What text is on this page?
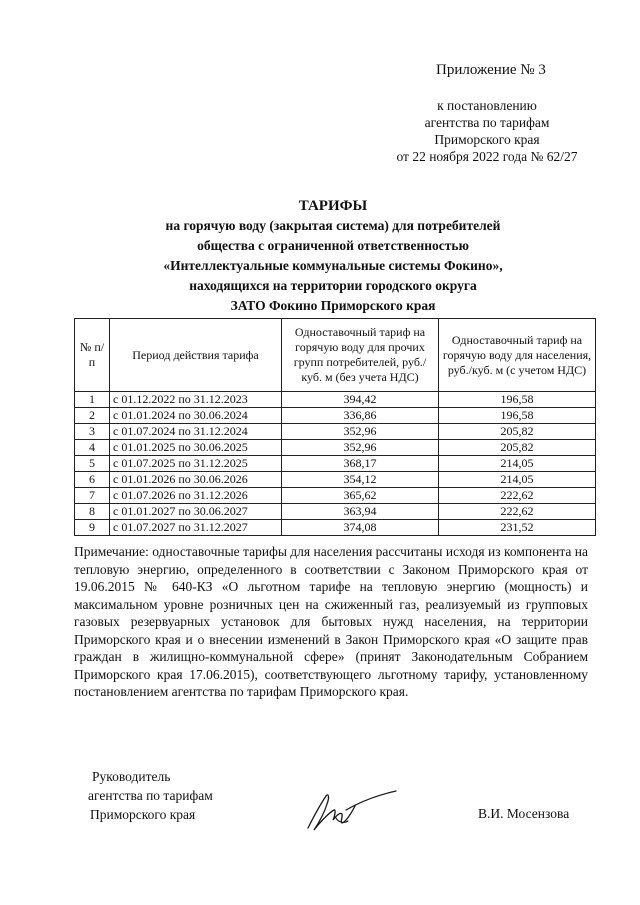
Приложение № 3
к постановлению
агентства по тарифам
Приморского края
от 22 ноября 2022 года № 62/27
ТАРИФЫ
на горячую воду (закрытая система) для потребителей
общества с ограниченной ответственностью
«Интеллектуальные коммунальные системы Фокино»,
находящихся на территории городского округа
ЗАТО Фокино Приморского края
№ п/п	Период действия тарифа	Одноставочный тариф на горячую воду для прочих групп потребителей, руб./куб. м (без учета НДС)	Одноставочный тариф на горячую воду для населения, руб./куб. м (с учетом НДС)
1	с 01.12.2022 по 31.12.2023	394,42	196,58
2	с 01.01.2024 по 30.06.2024	336,86	196,58
3	с 01.07.2024 по 31.12.2024	352,96	205,82
4	с 01.01.2025 по 30.06.2025	352,96	205,82
5	с 01.07.2025 по 31.12.2025	368,17	214,05
6	с 01.01.2026 по 30.06.2026	354,12	214,05
7	с 01.07.2026 по 31.12.2026	365,62	222,62
8	с 01.01.2027 по 30.06.2027	363,94	222,62
9	с 01.07.2027 по 31.12.2027	374,08	231,52
Примечание: одноставочные тарифы для населения рассчитаны исходя из компонента на тепловую энергию, определенного в соответствии с Законом Приморского края от 19.06.2015 № 640-КЗ «О льготном тарифе на тепловую энергию (мощность) и максимальном уровне розничных цен на сжиженный газ, реализуемый из групповых газовых резервуарных установок для бытовых нужд населения, на территории Приморского края и о внесении изменений в Закон Приморского края «О защите прав граждан в жилищно-коммунальной сфере» (принят Законодательным Собранием Приморского края 17.06.2015), соответствующего льготному тарифу, установленному постановлением агентства по тарифам Приморского края.
Руководитель
агентства по тарифам
Приморского края	В.И. Мосензова
